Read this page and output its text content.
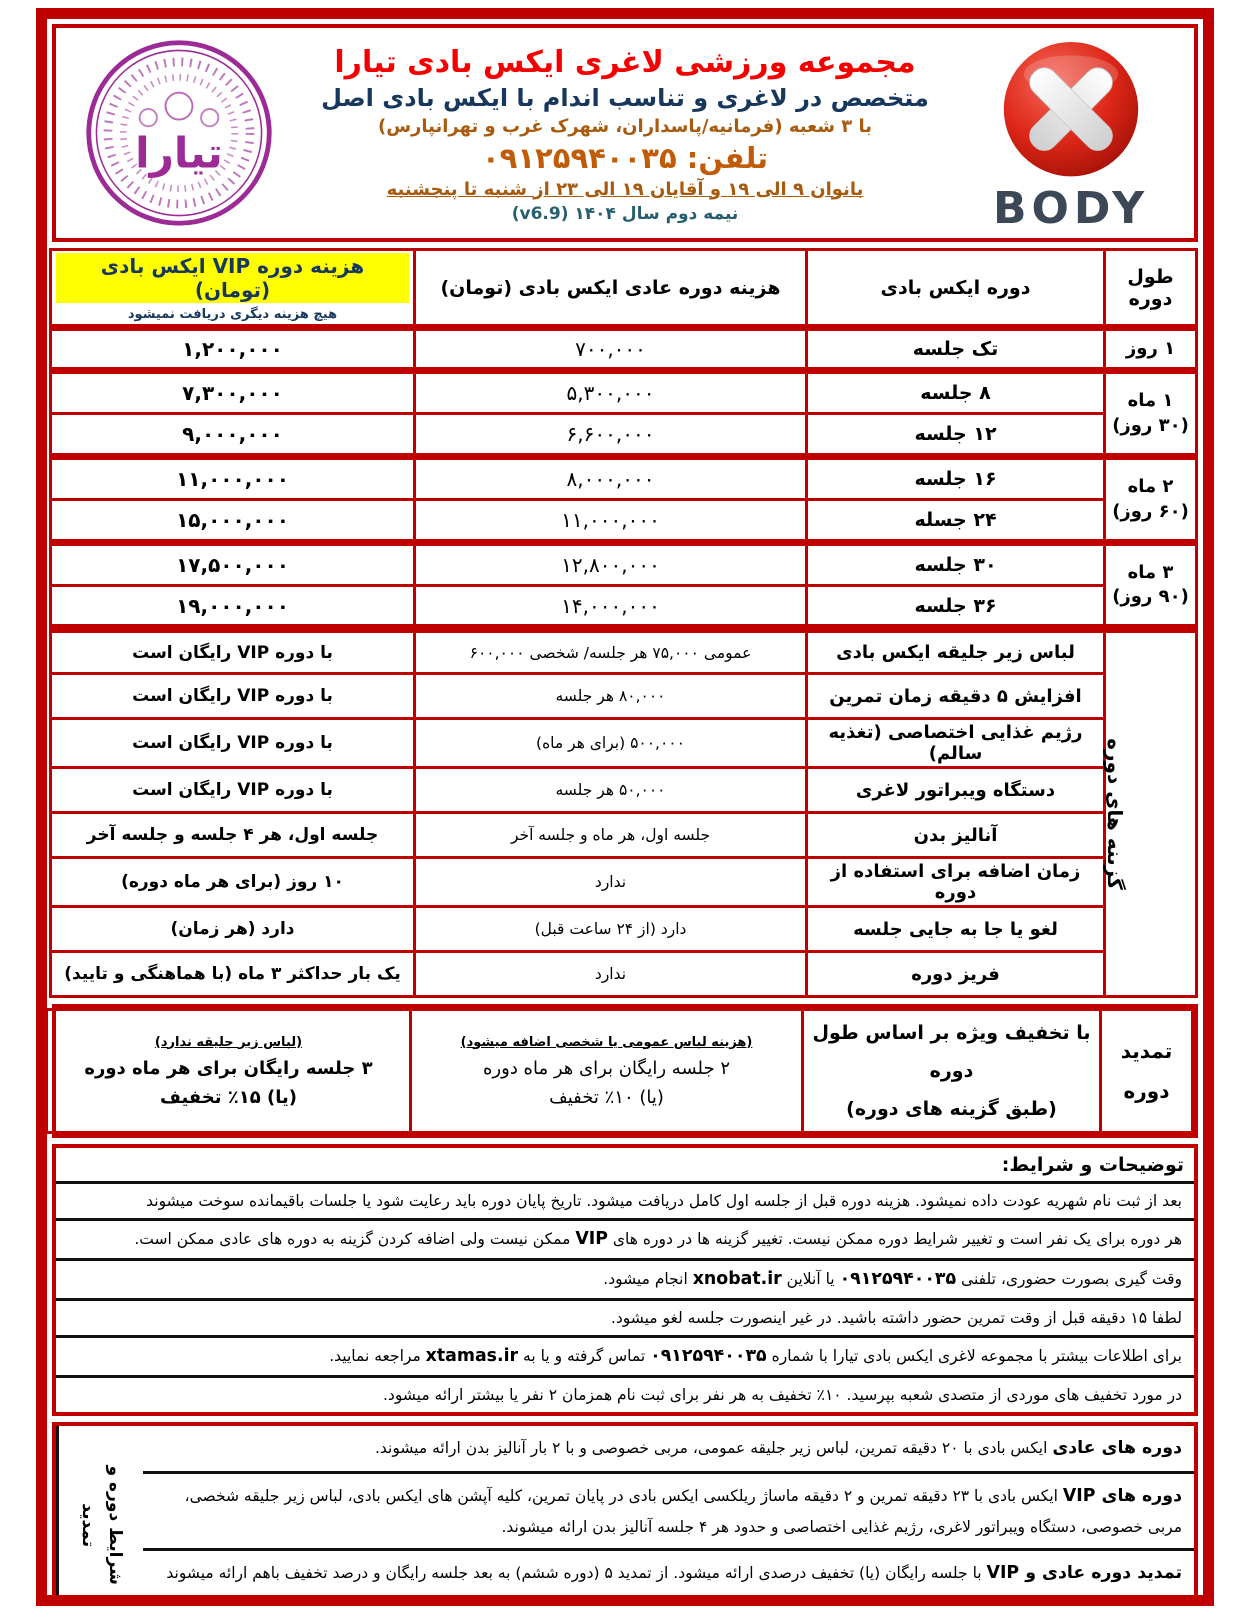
BODY
مجموعه ورزشی لاغری ایکس بادی تیارا
متخصص در لاغری و تناسب اندام با ایکس بادی اصل
با ۳ شعبه (فرمانیه/پاسداران، شهرک غرب و تهرانپارس)
تلفن: ۰۹۱۲۵۹۴۰۰۳۵
بانوان ۹ الی ۱۹ و آقایان ۱۹ الی ۲۳ از شنبه تا پنجشنبه
نیمه دوم سال ۱۴۰۴ (v6.9)
تیارا
طول دوره	دوره ایکس بادی	هزینه دوره عادی ایکس بادی (تومان)	هزینه دوره VIP ایکس بادی (تومان)
هیچ هزینه دیگری دریافت نمیشود

۱ روز	تک جلسه	۷۰۰,۰۰۰	۱,۲۰۰,۰۰۰

۱ ماه
(۳۰ روز)	۸ جلسه	۵,۳۰۰,۰۰۰	۷,۳۰۰,۰۰۰
	۱۲ جلسه	۶,۶۰۰,۰۰۰	۹,۰۰۰,۰۰۰

۲ ماه
(۶۰ روز)	۱۶ جلسه	۸,۰۰۰,۰۰۰	۱۱,۰۰۰,۰۰۰
	۲۴ جسله	۱۱,۰۰۰,۰۰۰	۱۵,۰۰۰,۰۰۰

۳ ماه
(۹۰ روز)	۳۰ جلسه	۱۲,۸۰۰,۰۰۰	۱۷,۵۰۰,۰۰۰
	۳۶ جلسه	۱۴,۰۰۰,۰۰۰	۱۹,۰۰۰,۰۰۰
گزینه های دوره	لباس زیر جلیقه ایکس بادی	عمومی ۷۵,۰۰۰ هر جلسه/ شخصی ۶۰۰,۰۰۰	با دوره VIP رایگان است
	افزایش ۵ دقیقه زمان تمرین	۸۰,۰۰۰ هر جلسه	با دوره VIP رایگان است
	رژیم غذایی اختصاصی (تغذیه سالم)	۵۰۰,۰۰۰ (برای هر ماه)	با دوره VIP رایگان است
	دستگاه ویبراتور لاغری	۵۰,۰۰۰ هر جلسه	با دوره VIP رایگان است
	آنالیز بدن	جلسه اول، هر ماه و جلسه آخر	جلسه اول، هر ۴ جلسه و جلسه آخر
	زمان اضافه برای استفاده از دوره	ندارد	۱۰ روز (برای هر ماه دوره)
	لغو یا جا به جایی جلسه	دارد (از ۲۴ ساعت قبل)	دارد (هر زمان)
	فریز دوره	ندارد	یک بار حداکثر ۳ ماه (با هماهنگی و تایید)
تمدید
دوره

با تخفیف ویژه بر اساس طول دوره
(طبق گزینه های دوره)

(هزینه لباس عمومی یا شخصی اضافه میشود)
۲ جلسه رایگان برای هر ماه دوره
(یا) ۱۰٪ تخفیف

(لباس زیر جلیقه ندارد)
۳ جلسه رایگان برای هر ماه دوره
(یا) ۱۵٪ تخفیف
توضیحات و شرایط:
بعد از ثبت نام شهریه عودت داده نمیشود. هزینه دوره قبل از جلسه اول کامل دریافت میشود. تاریخ پایان دوره باید رعایت شود یا جلسات باقیمانده سوخت میشوند
هر دوره برای یک نفر است و تغییر شرایط دوره ممکن نیست. تغییر گزینه ها در دوره های VIP ممکن نیست ولی اضافه کردن گزینه به دوره های عادی ممکن است.
وقت گیری بصورت حضوری، تلفنی ۰۹۱۲۵۹۴۰۰۳۵ یا آنلاین xnobat.ir انجام میشود.
لطفا ۱۵ دقیقه قبل از وقت تمرین حضور داشته باشید. در غیر اینصورت جلسه لغو میشود.
برای اطلاعات بیشتر با مجموعه لاغری ایکس بادی تیارا با شماره ۰۹۱۲۵۹۴۰۰۳۵ تماس گرفته و یا به xtamas.ir مراجعه نمایید.
در مورد تخفیف های موردی از متصدی شعبه بپرسید. ۱۰٪ تخفیف به هر نفر برای ثبت نام همزمان ۲ نفر یا بیشتر ارائه میشود.
دوره های عادی ایکس بادی با ۲۰ دقیقه تمرین، لباس زیر جلیقه عمومی، مربی خصوصی و با ۲ بار آنالیز بدن ارائه میشوند.
دوره های VIP ایکس بادی با ۲۳ دقیقه تمرین و ۲ دقیقه ماساژ ریلکسی ایکس بادی در پایان تمرین، کلیه آپشن های ایکس بادی، لباس زیر جلیقه شخصی، مربی خصوصی، دستگاه ویبراتور لاغری، رژیم غذایی اختصاصی و حدود هر ۴ جلسه آنالیز بدن ارائه میشوند.
تمدید دوره عادی و VIP با جلسه رایگان (یا) تخفیف درصدی ارائه میشود. از تمدید ۵ (دوره ششم) به بعد جلسه رایگان و درصد تخفیف باهم ارائه میشوند .همچنین هر ۳ تمدید (از دوره چهارم)، لباس زیر شخصی در دوره های VIP رایگان ارائه میشود و یا هزینه لباس عمومی در دوره های عادی دریافت نمیشود.
شرایط دوره و
تمدید
